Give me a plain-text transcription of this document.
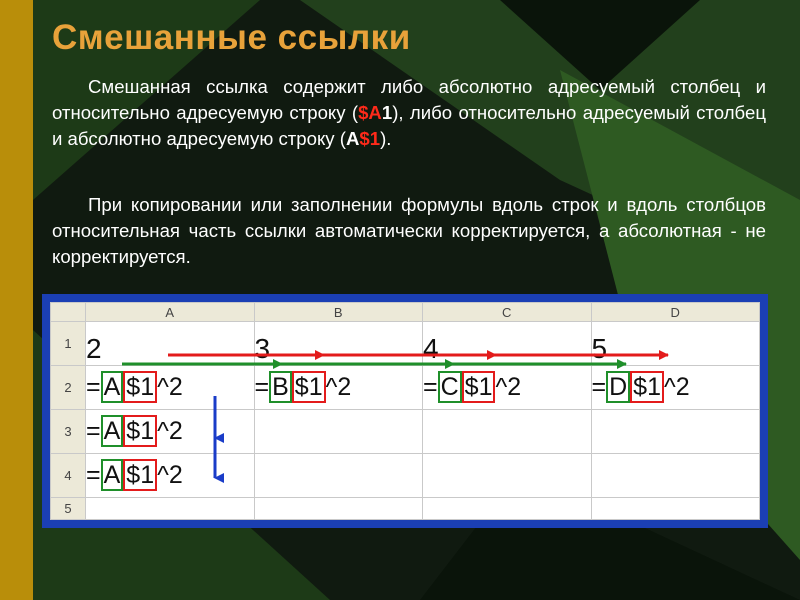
Смешанные ссылки

Смешанная ссылка содержит либо абсолютно адресуемый столбец и относительно адресуемую строку ($A1), либо относительно адресуемый столбец и абсолютно адресуемую строку (A$1).

При копировании или заполнении формулы вдоль строк и вдоль столбцов относительная часть ссылки автоматически корректируется, а абсолютная - не корректируется.

	A	B	C	D
1	2	3	4	5
2	= A $1 ^2	= B $1 ^2	= C $1 ^2	= D $1 ^2
3	= A $1 ^2			
4	= A $1 ^2			
5				
